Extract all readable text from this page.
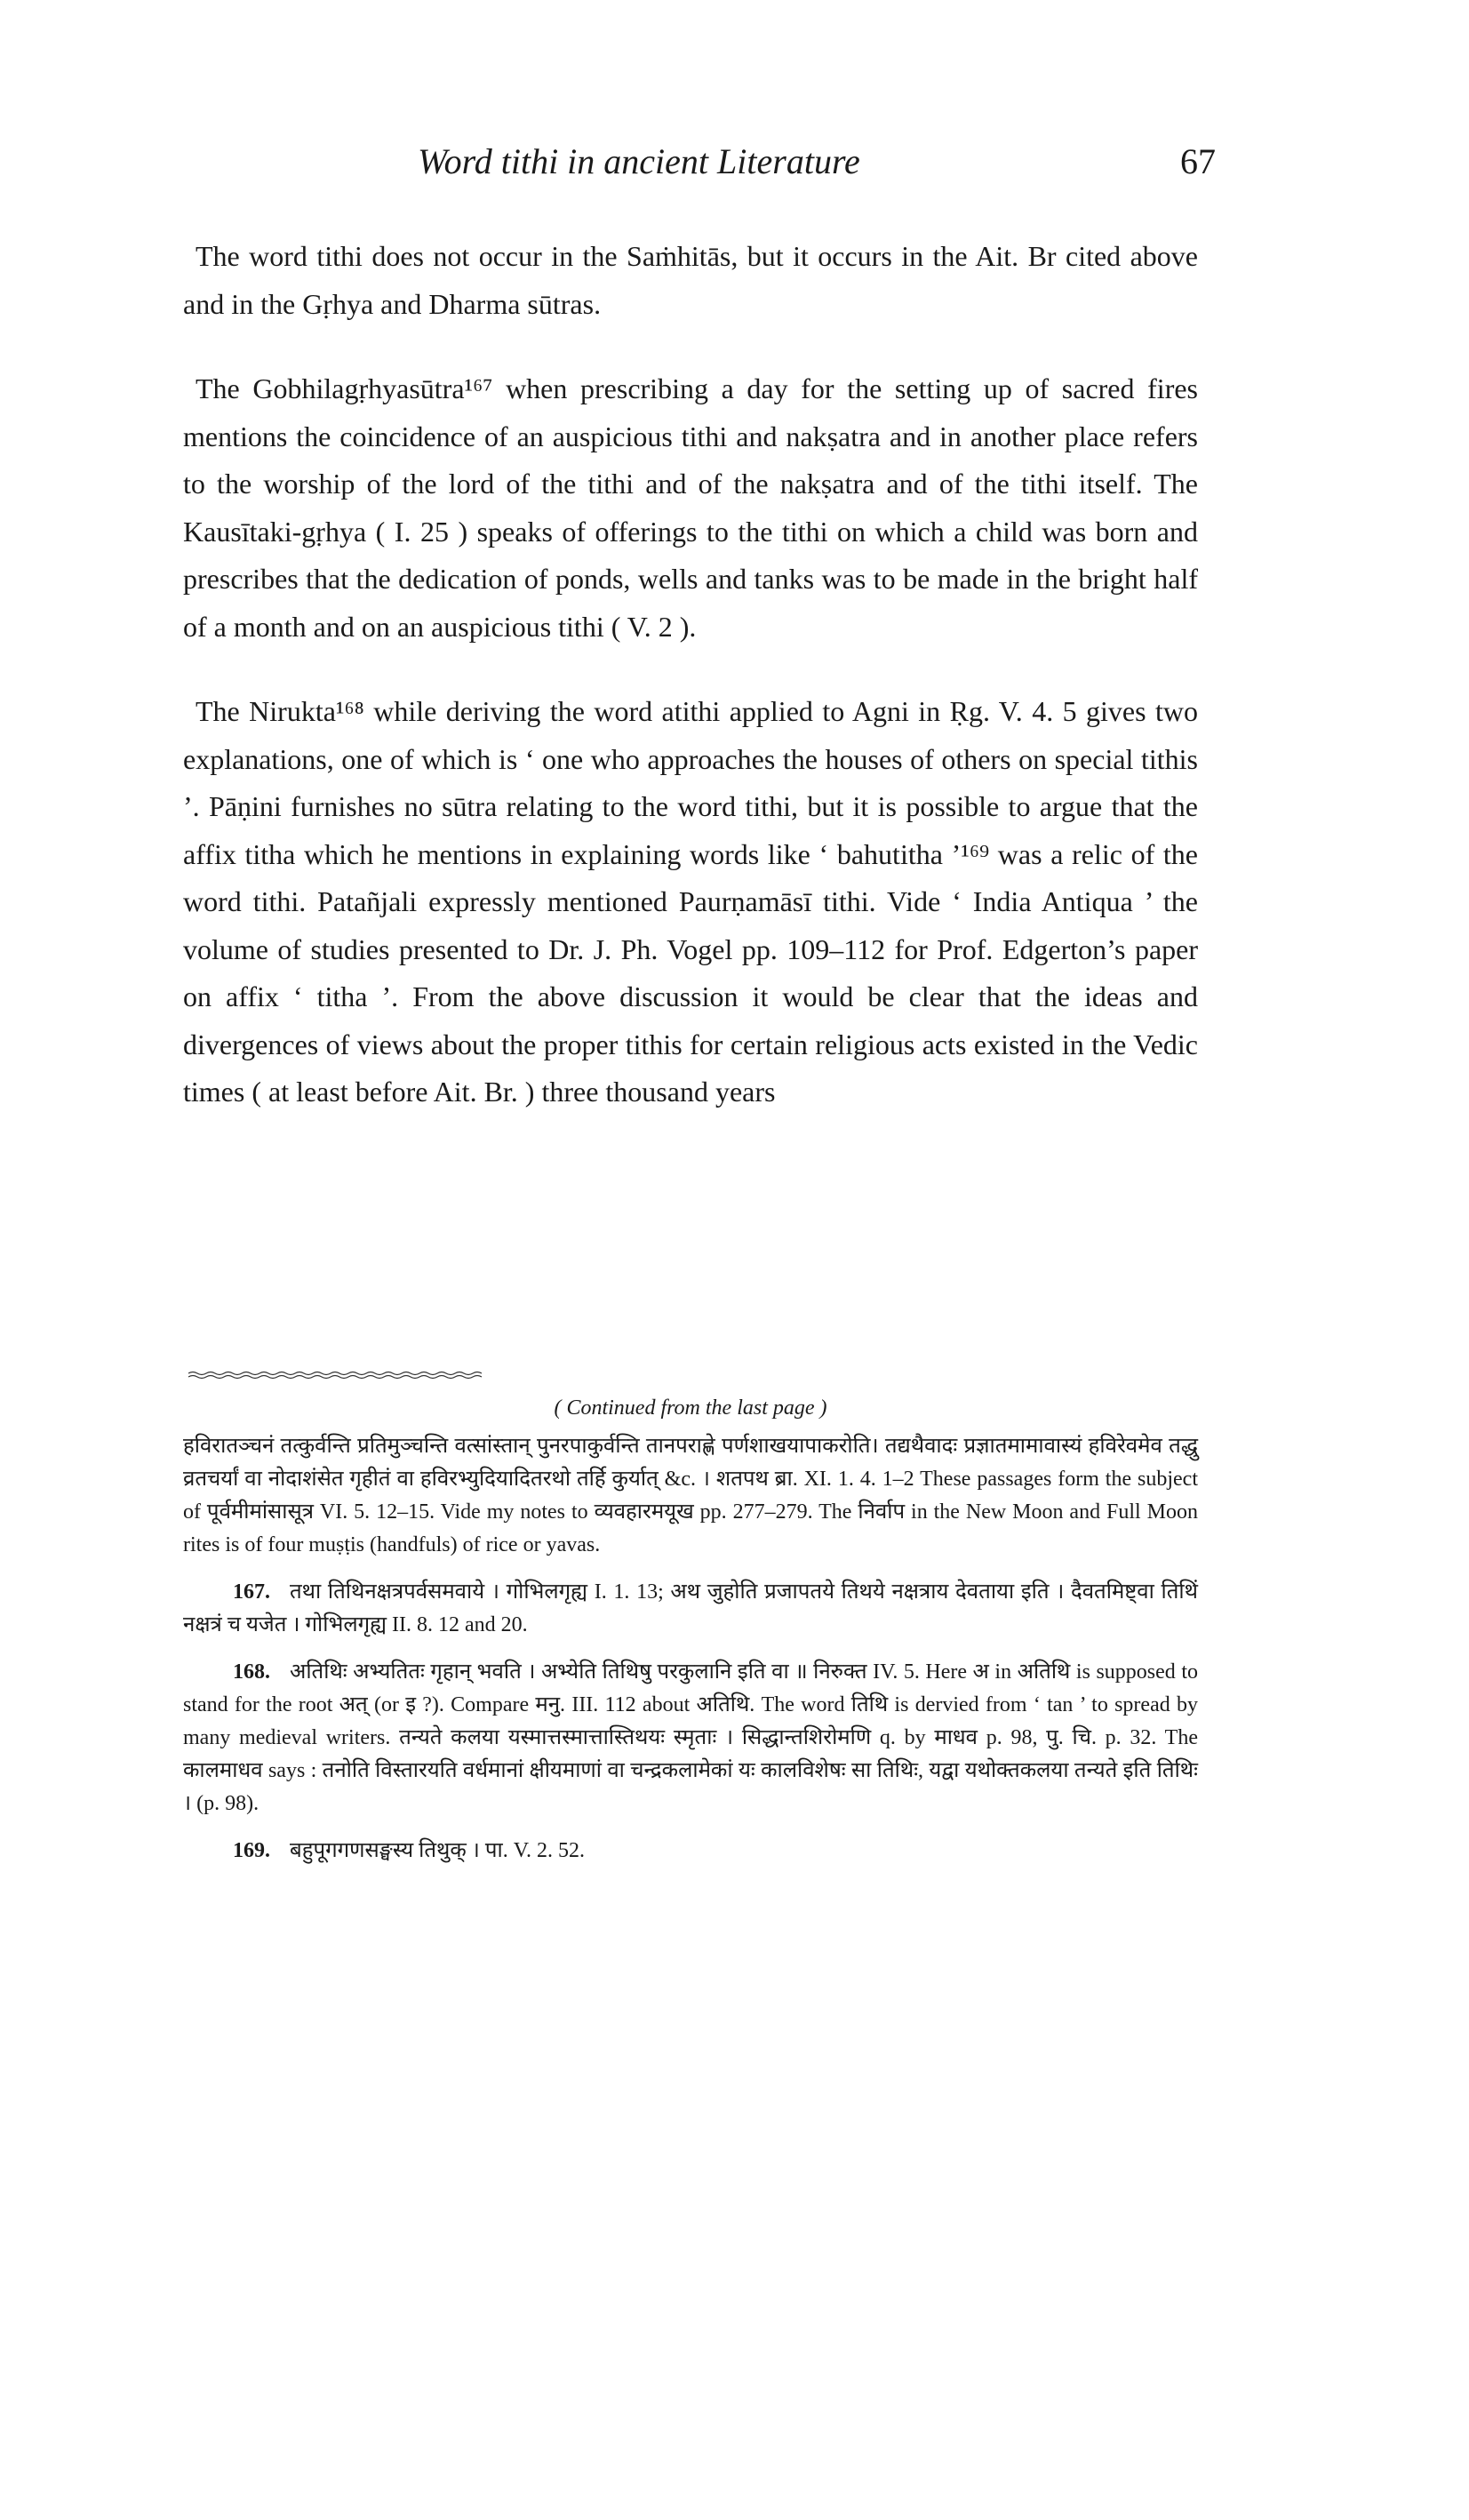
Word tithi in ancient Literature	67

The word tithi does not occur in the Saṁhitās, but it occurs in the Ait. Br cited above and in the Gṛhya and Dharma sūtras.

The Gobhilagṛhyasūtra¹⁶⁷ when prescribing a day for the setting up of sacred fires mentions the coincidence of an auspicious tithi and nakṣatra and in another place refers to the worship of the lord of the tithi and of the nakṣatra and of the tithi itself. The Kausītaki-gṛhya ( I. 25 ) speaks of offerings to the tithi on which a child was born and prescribes that the dedication of ponds, wells and tanks was to be made in the bright half of a month and on an auspicious tithi ( V. 2 ).

The Nirukta¹⁶⁸ while deriving the word atithi applied to Agni in Ṛg. V. 4. 5 gives two explanations, one of which is ‘ one who approaches the houses of others on special tithis ’. Pāṇini furnishes no sūtra relating to the word tithi, but it is possible to argue that the affix titha which he mentions in explaining words like ‘ bahutitha ’¹⁶⁹ was a relic of the word tithi. Patañjali expressly mentioned Paurṇamāsī tithi. Vide ‘ India Antiqua ’ the volume of studies presented to Dr. J. Ph. Vogel pp. 109–112 for Prof. Edgerton’s paper on affix ‘ titha ’. From the above discussion it would be clear that the ideas and divergences of views about the proper tithis for certain religious acts existed in the Vedic times ( at least before Ait. Br. ) three thousand years

( Continued from the last page )

हविरातञ्चनं तत्कुर्वन्ति प्रतिमुञ्चन्ति वत्सांस्तान् पुनरपाकुर्वन्ति तानपराह्णे पर्णशाखयापाकरोति। तद्यथैवादः प्रज्ञातमामावास्यं हविरेवमेव तद्धु व्रतचर्यां वा नोदाशंसेत गृहीतं वा हविरभ्युदियादितरथो तर्हि कुर्यात् &c. । शतपथ ब्रा. XI. 1. 4. 1–2 These passages form the subject of पूर्वमीमांसासूत्र VI. 5. 12–15. Vide my notes to व्यवहारमयूख pp. 277–279. The निर्वाप in the New Moon and Full Moon rites is of four muṣṭis (handfuls) of rice or yavas.

167. तथा तिथिनक्षत्रपर्वसमवाये । गोभिलगृह्य I. 1. 13; अथ जुहोति प्रजापतये तिथये नक्षत्राय देवताया इति । दैवतमिष्ट्वा तिथिं नक्षत्रं च यजेत । गोभिलगृह्य II. 8. 12 and 20.

168. अतिथिः अभ्यतितः गृहान् भवति । अभ्येति तिथिषु परकुलानि इति वा ॥ निरुक्त IV. 5. Here अ in अतिथि is supposed to stand for the root अत् (or इ ?). Compare मनु. III. 112 about अतिथि. The word तिथि is dervied from ‘ tan ’ to spread by many medieval writers. तन्यते कलया यस्मात्तस्मात्तास्तिथयः स्मृताः । सिद्धान्तशिरोमणि q. by माधव p. 98, पु. चि. p. 32. The कालमाधव says : तनोति विस्तारयति वर्धमानां क्षीयमाणां वा चन्द्रकलामेकां यः कालविशेषः सा तिथिः, यद्वा यथोक्तकलया तन्यते इति तिथिः । (p. 98).

169. बहुपूगगणसङ्घस्य तिथुक् । पा. V. 2. 52.
